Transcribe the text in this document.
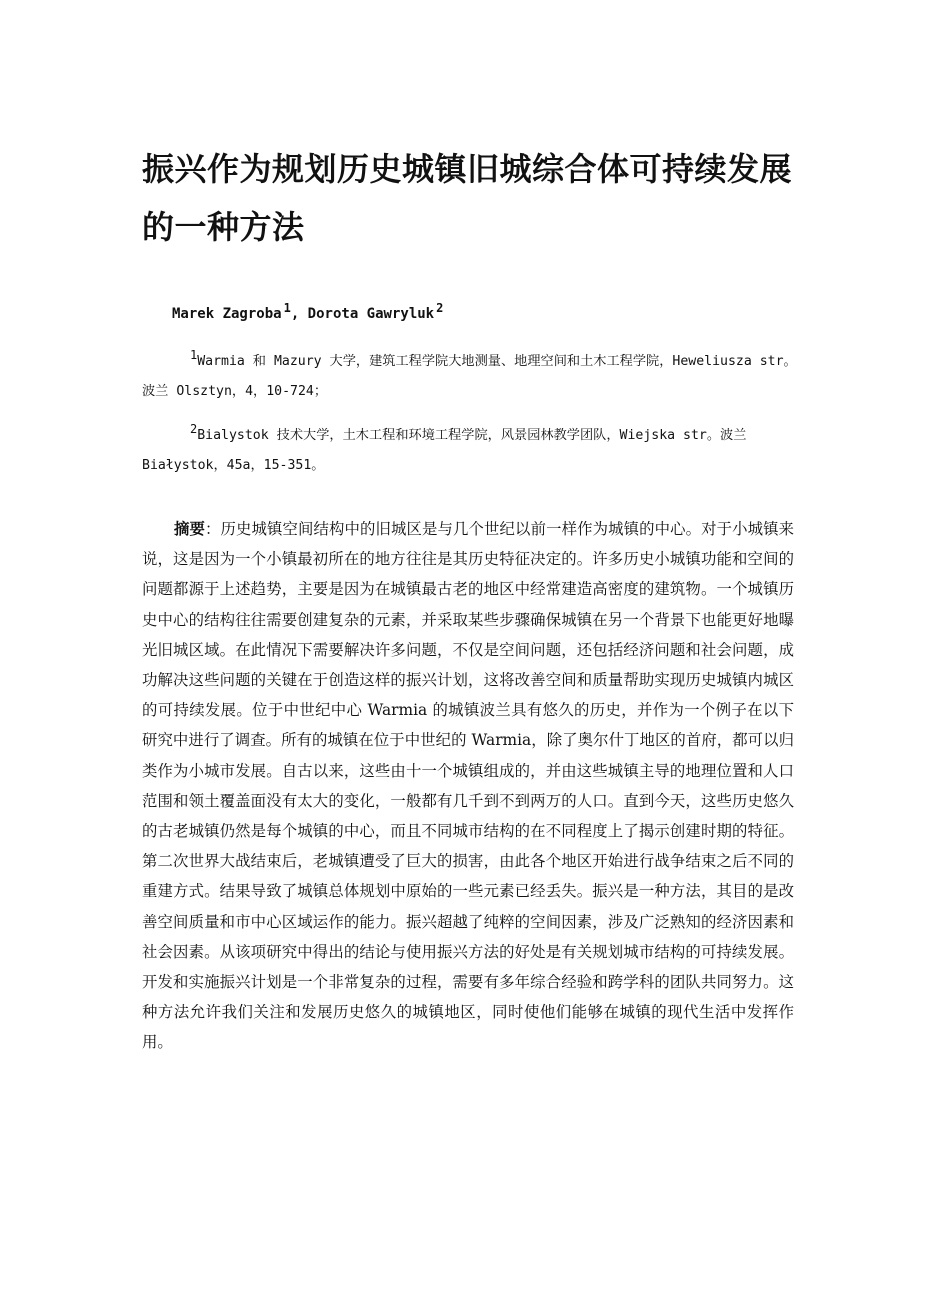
振兴作为规划历史城镇旧城综合体可持续发展的一种方法

Marek Zagroba $^1$, Dorota Gawryluk $^2$

$^1$Warmia 和 Mazury 大学，建筑工程学院大地测量、地理空间和土木工程学院，Heweliusza str。波兰 Olsztyn，4，10-724；

$^2$Bialystok 技术大学，土木工程和环境工程学院，风景园林教学团队，Wiejska str。波兰 Białystok，45a，15-351。

摘要：历史城镇空间结构中的旧城区是与几个世纪以前一样作为城镇的中心。对于小城镇来说，这是因为一个小镇最初所在的地方往往是其历史特征决定的。许多历史小城镇功能和空间的问题都源于上述趋势，主要是因为在城镇最古老的地区中经常建造高密度的建筑物。一个城镇历史中心的结构往往需要创建复杂的元素，并采取某些步骤确保城镇在另一个背景下也能更好地曝光旧城区域。在此情况下需要解决许多问题，不仅是空间问题，还包括经济问题和社会问题，成功解决这些问题的关键在于创造这样的振兴计划，这将改善空间和质量帮助实现历史城镇内城区的可持续发展。位于中世纪中心 Warmia 的城镇波兰具有悠久的历史，并作为一个例子在以下研究中进行了调查。所有的城镇在位于中世纪的 Warmia，除了奥尔什丁地区的首府，都可以归类作为小城市发展。自古以来，这些由十一个城镇组成的，并由这些城镇主导的地理位置和人口范围和领土覆盖面没有太大的变化，一般都有几千到不到两万的人口。直到今天，这些历史悠久的古老城镇仍然是每个城镇的中心，而且不同城市结构的在不同程度上了揭示创建时期的特征。第二次世界大战结束后，老城镇遭受了巨大的损害，由此各个地区开始进行战争结束之后不同的重建方式。结果导致了城镇总体规划中原始的一些元素已经丢失。振兴是一种方法，其目的是改善空间质量和市中心区域运作的能力。振兴超越了纯粹的空间因素，涉及广泛熟知的经济因素和社会因素。从该项研究中得出的结论与使用振兴方法的好处是有关规划城市结构的可持续发展。开发和实施振兴计划是一个非常复杂的过程，需要有多年综合经验和跨学科的团队共同努力。这种方法允许我们关注和发展历史悠久的城镇地区，同时使他们能够在城镇的现代生活中发挥作用。
